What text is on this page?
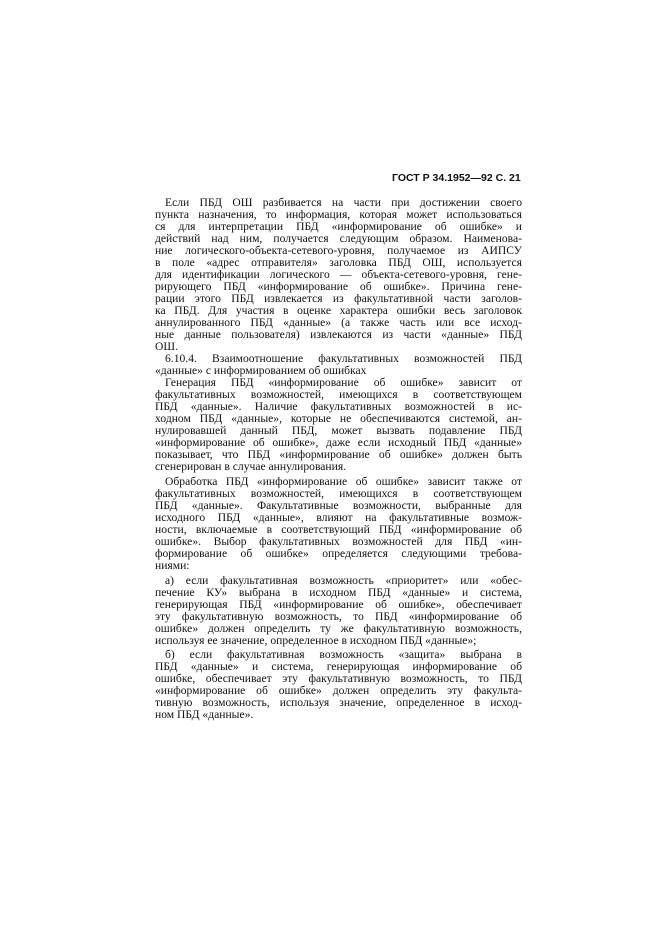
ГОСТ Р 34.1952—92 С. 21
Если ПБД ОШ разбивается на части при достижении своего
пункта назначения, то информация, которая может использоваться
ся для интерпретации ПБД «информирование об ошибке» и
действий над ним, получается следующим образом. Наименова-
ние логического-объекта-сетевого-уровня, получаемое из АИПСУ
в поле «адрес отправителя» заголовка ПБД ОШ, используется
для идентификации логического — объекта-сетевого-уровня, гене-
рирующего ПБД «информирование об ошибке». Причина гене-
рации этого ПБД извлекается из факультативной части заголов-
ка ПБД. Для участия в оценке характера ошибки весь заголовок
аннулированного ПБД «данные» (а также часть или все исход-
ные данные пользователя) извлекаются из части «данные» ПБД
ОШ.
6.10.4. Взаимоотношение факультативных возможностей ПБД
«данные» с информированием об ошибках
Генерация ПБД «информирование об ошибке» зависит от
факультативных возможностей, имеющихся в соответствующем
ПБД «данные». Наличие факультативных возможностей в ис-
ходном ПБД «данные», которые не обеспечиваются системой, ан-
нулировавшей данный ПБД, может вызвать подавление ПБД
«информирование об ошибке», даже если исходный ПБД «данные»
показывает, что ПБД «информирование об ошибке» должен быть
сгенерирован в случае аннулирования.
Обработка ПБД «информирование об ошибке» зависит также от
факультативных возможностей, имеющихся в соответствующем
ПБД «данные». Факультативные возможности, выбранные для
исходного ПБД «данные», влияют на факультативные возмож-
ности, включаемые в соответствующий ПБД «информирование об
ошибке». Выбор факультативных возможностей для ПБД «ин-
формирование об ошибке» определяется следующими требова-
ниями:
а) если факультативная возможность «приоритет» или «обес-
печение КУ» выбрана в исходном ПБД «данные» и система,
генерирующая ПБД «информирование об ошибке», обеспечивает
эту факультативную возможность, то ПБД «информирование об
ошибке» должен определить ту же факультативную возможность,
используя ее значение, определенное в исходном ПБД «данные»;
б) если факультативная возможность «защита» выбрана в
ПБД «данные» и система, генерирующая информирование об
ошибке, обеспечивает эту факультативную возможность, то ПБД
«информирование об ошибке» должен определить эту факульта-
тивную возможность, используя значение, определенное в исход-
ном ПБД «данные».
